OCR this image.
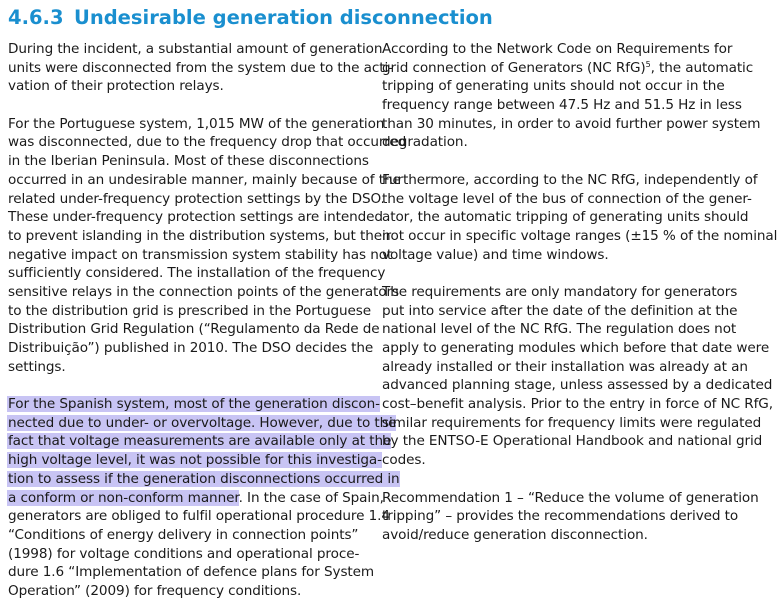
4.6.3 Undesirable generation disconnection
During the incident, a substantial amount of generation
units were disconnected from the system due to the acti-
vation of their protection relays.
For the Portuguese system, 1,015 MW of the generation
was disconnected, due to the frequency drop that occurred
in the Iberian Peninsula. Most of these disconnections
occurred in an undesirable manner, mainly because of the
related under-frequency protection settings by the DSO.
These under-frequency protection settings are intended
to prevent islanding in the distribution systems, but their
negative impact on transmission system stability has not
sufficiently considered. The installation of the frequency
sensitive relays in the connection points of the generators
to the distribution grid is prescribed in the Portuguese
Distribution Grid Regulation (“Regulamento da Rede de
Distribuição”) published in 2010. The DSO decides the
settings.
For the Spanish system, most of the generation discon-
nected due to under- or overvoltage. However, due to the
fact that voltage measurements are available only at the
high voltage level, it was not possible for this investiga-
tion to assess if the generation disconnections occurred in
a conform or non-conform manner. In the case of Spain,
generators are obliged to fulfil operational procedure 1.4
“Conditions of energy delivery in connection points”
(1998) for voltage conditions and operational proce-
dure 1.6 “Implementation of defence plans for System
Operation” (2009) for frequency conditions.
According to the Network Code on Requirements for
grid connection of Generators (NC RfG)$^5$, the automatic
tripping of generating units should not occur in the
frequency range between 47.5 Hz and 51.5 Hz in less
than 30 minutes, in order to avoid further power system
degradation.
Furthermore, according to the NC RfG, independently of
the voltage level of the bus of connection of the gener-
ator, the automatic tripping of generating units should
not occur in specific voltage ranges (±15 % of the nominal
voltage value) and time windows.
The requirements are only mandatory for generators
put into service after the date of the definition at the
national level of the NC RfG. The regulation does not
apply to generating modules which before that date were
already installed or their installation was already at an
advanced planning stage, unless assessed by a dedicated
cost–benefit analysis. Prior to the entry in force of NC RfG,
similar requirements for frequency limits were regulated
by the ENTSO-E Operational Handbook and national grid
codes.
Recommendation 1 – “Reduce the volume of generation
tripping” – provides the recommendations derived to
avoid/reduce generation disconnection.
